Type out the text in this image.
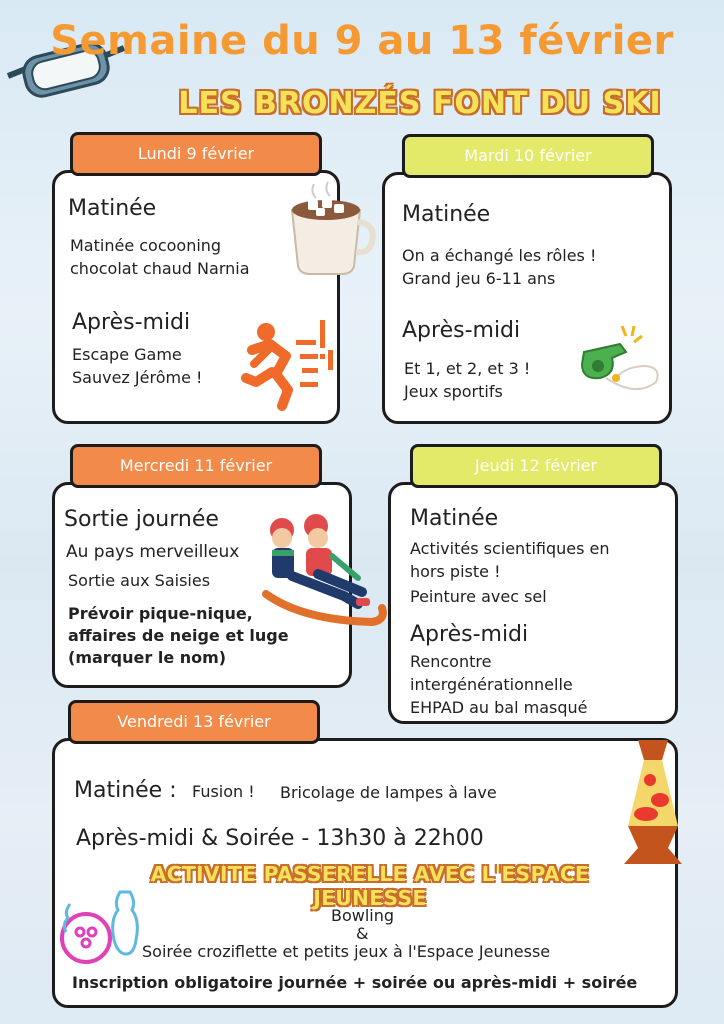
Semaine du 9 au 13 février
LES BRONZÉS FONT DU SKI
Lundi 9 février
Matinée
Matinée cocooning
chocolat chaud Narnia
Après-midi
Escape Game
Sauvez Jérôme !
Mardi 10 février
Matinée
On a échangé les rôles !
Grand jeu 6-11 ans
Après-midi
Et 1, et 2, et 3 !
Jeux sportifs
Mercredi 11 février
Sortie journée
Au pays merveilleux
Sortie aux Saisies
Prévoir pique-nique,
affaires de neige et luge
(marquer le nom)
Jeudi 12 février
Matinée
Activités scientifiques en
hors piste !
Peinture avec sel
Après-midi
Rencontre
intergénérationnelle
EHPAD au bal masqué
Vendredi 13 février
Matinée : Fusion ! Bricolage de lampes à lave
Après-midi & Soirée - 13h30 à 22h00
ACTIVITE PASSERELLE AVEC L'ESPACE JEUNESSE
Bowling
&
Soirée croziflette et petits jeux à l'Espace Jeunesse
Inscription obligatoire journée + soirée ou après-midi + soirée
